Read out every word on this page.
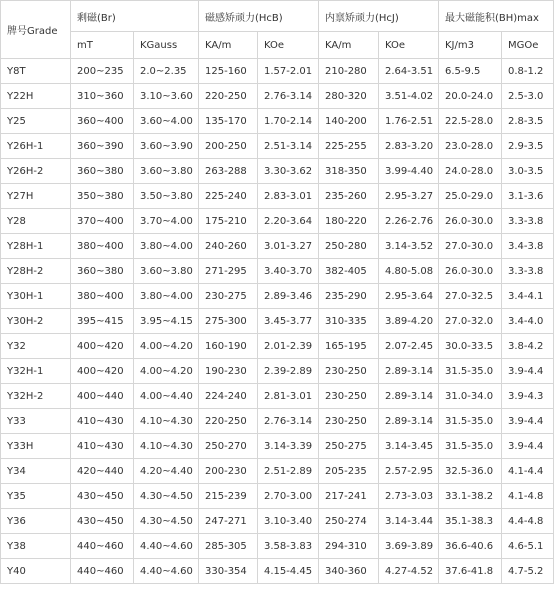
牌号Grade	剩磁(Br)		磁感矫顽力(HcB)		内禀矫顽力(HcJ)		最大磁能积(BH)max	
	mT	KGauss	KA/m	KOe	KA/m	KOe	KJ/m3	MGOe
Y8T	200~235	2.0~2.35	125-160	1.57-2.01	210-280	2.64-3.51	6.5-9.5	0.8-1.2
Y22H	310~360	3.10~3.60	220-250	2.76-3.14	280-320	3.51-4.02	20.0-24.0	2.5-3.0
Y25	360~400	3.60~4.00	135-170	1.70-2.14	140-200	1.76-2.51	22.5-28.0	2.8-3.5
Y26H-1	360~390	3.60~3.90	200-250	2.51-3.14	225-255	2.83-3.20	23.0-28.0	2.9-3.5
Y26H-2	360~380	3.60~3.80	263-288	3.30-3.62	318-350	3.99-4.40	24.0-28.0	3.0-3.5
Y27H	350~380	3.50~3.80	225-240	2.83-3.01	235-260	2.95-3.27	25.0-29.0	3.1-3.6
Y28	370~400	3.70~4.00	175-210	2.20-3.64	180-220	2.26-2.76	26.0-30.0	3.3-3.8
Y28H-1	380~400	3.80~4.00	240-260	3.01-3.27	250-280	3.14-3.52	27.0-30.0	3.4-3.8
Y28H-2	360~380	3.60~3.80	271-295	3.40-3.70	382-405	4.80-5.08	26.0-30.0	3.3-3.8
Y30H-1	380~400	3.80~4.00	230-275	2.89-3.46	235-290	2.95-3.64	27.0-32.5	3.4-4.1
Y30H-2	395~415	3.95~4.15	275-300	3.45-3.77	310-335	3.89-4.20	27.0-32.0	3.4-4.0
Y32	400~420	4.00~4.20	160-190	2.01-2.39	165-195	2.07-2.45	30.0-33.5	3.8-4.2
Y32H-1	400~420	4.00~4.20	190-230	2.39-2.89	230-250	2.89-3.14	31.5-35.0	3.9-4.4
Y32H-2	400~440	4.00~4.40	224-240	2.81-3.01	230-250	2.89-3.14	31.0-34.0	3.9-4.3
Y33	410~430	4.10~4.30	220-250	2.76-3.14	230-250	2.89-3.14	31.5-35.0	3.9-4.4
Y33H	410~430	4.10~4.30	250-270	3.14-3.39	250-275	3.14-3.45	31.5-35.0	3.9-4.4
Y34	420~440	4.20~4.40	200-230	2.51-2.89	205-235	2.57-2.95	32.5-36.0	4.1-4.4
Y35	430~450	4.30~4.50	215-239	2.70-3.00	217-241	2.73-3.03	33.1-38.2	4.1-4.8
Y36	430~450	4.30~4.50	247-271	3.10-3.40	250-274	3.14-3.44	35.1-38.3	4.4-4.8
Y38	440~460	4.40~4.60	285-305	3.58-3.83	294-310	3.69-3.89	36.6-40.6	4.6-5.1
Y40	440~460	4.40~4.60	330-354	4.15-4.45	340-360	4.27-4.52	37.6-41.8	4.7-5.2
